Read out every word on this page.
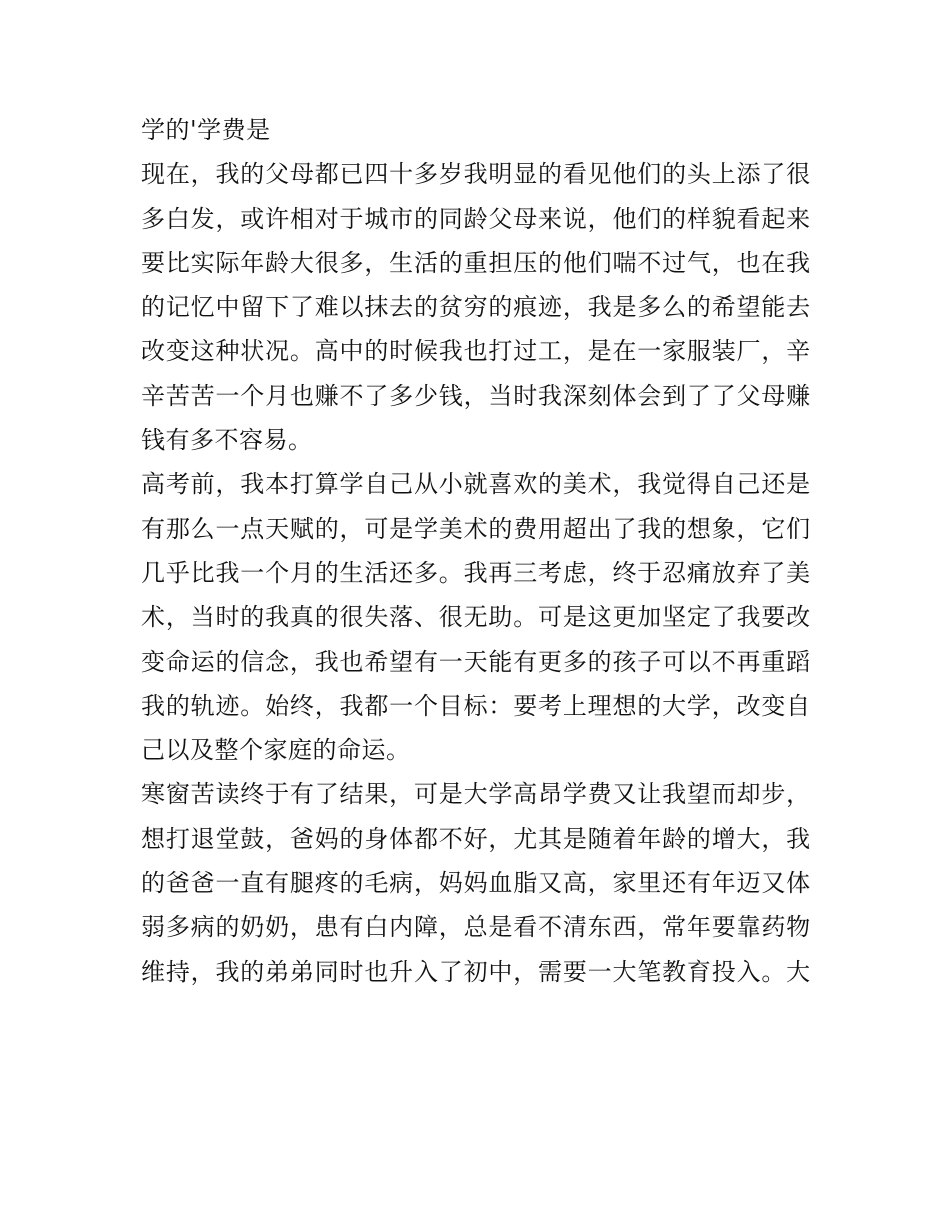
学的'学费是
现 在 ， 我 的 父 母 都 已 四 十 多 岁 我 明 显 的 看 见 他 们 的 头 上 添 了 很
多 白 发 ， 或 许 相 对 于 城 市 的 同 龄 父 母 来 说 ， 他 们 的 样 貌 看 起 来
要 比 实 际 年 龄 大 很 多 ， 生 活 的 重 担 压 的 他 们 喘 不 过 气 ， 也 在 我
的 记 忆 中 留 下 了 难 以 抹 去 的 贫 穷 的 痕 迹 ， 我 是 多 么 的 希 望 能 去
改 变 这 种 状 况 。 高 中 的 时 候 我 也 打 过 工 ， 是 在 一 家 服 装 厂 ， 辛
辛 苦 苦 一 个 月 也 赚 不 了 多 少 钱 ， 当 时 我 深 刻 体 会 到 了 了 父 母 赚
钱有多不容易。
高 考 前 ， 我 本 打 算 学 自 己 从 小 就 喜 欢 的 美 术 ， 我 觉 得 自 己 还 是
有 那 么 一 点 天 赋 的 ， 可 是 学 美 术 的 费 用 超 出 了 我 的 想 象 ， 它 们
几 乎 比 我 一 个 月 的 生 活 还 多 。 我 再 三 考 虑 ， 终 于 忍 痛 放 弃 了 美
术 ， 当 时 的 我 真 的 很 失 落 、 很 无 助 。 可 是 这 更 加 坚 定 了 我 要 改
变 命 运 的 信 念 ， 我 也 希 望 有 一 天 能 有 更 多 的 孩 子 可 以 不 再 重 蹈
我 的 轨 迹 。 始 终 ， 我 都 一 个 目 标 ： 要 考 上 理 想 的 大 学 ， 改 变 自
己以及整个家庭的命运。
寒 窗 苦 读 终 于 有 了 结 果 ， 可 是 大 学 高 昂 学 费 又 让 我 望 而 却 步 ，
想 打 退 堂 鼓 ， 爸 妈 的 身 体 都 不 好 ， 尤 其 是 随 着 年 龄 的 增 大 ， 我
的 爸 爸 一 直 有 腿 疼 的 毛 病 ， 妈 妈 血 脂 又 高 ， 家 里 还 有 年 迈 又 体
弱 多 病 的 奶 奶 ， 患 有 白 内 障 ， 总 是 看 不 清 东 西 ， 常 年 要 靠 药 物
维 持 ， 我 的 弟 弟 同 时 也 升 入 了 初 中 ， 需 要 一 大 笔 教 育 投 入 。 大
